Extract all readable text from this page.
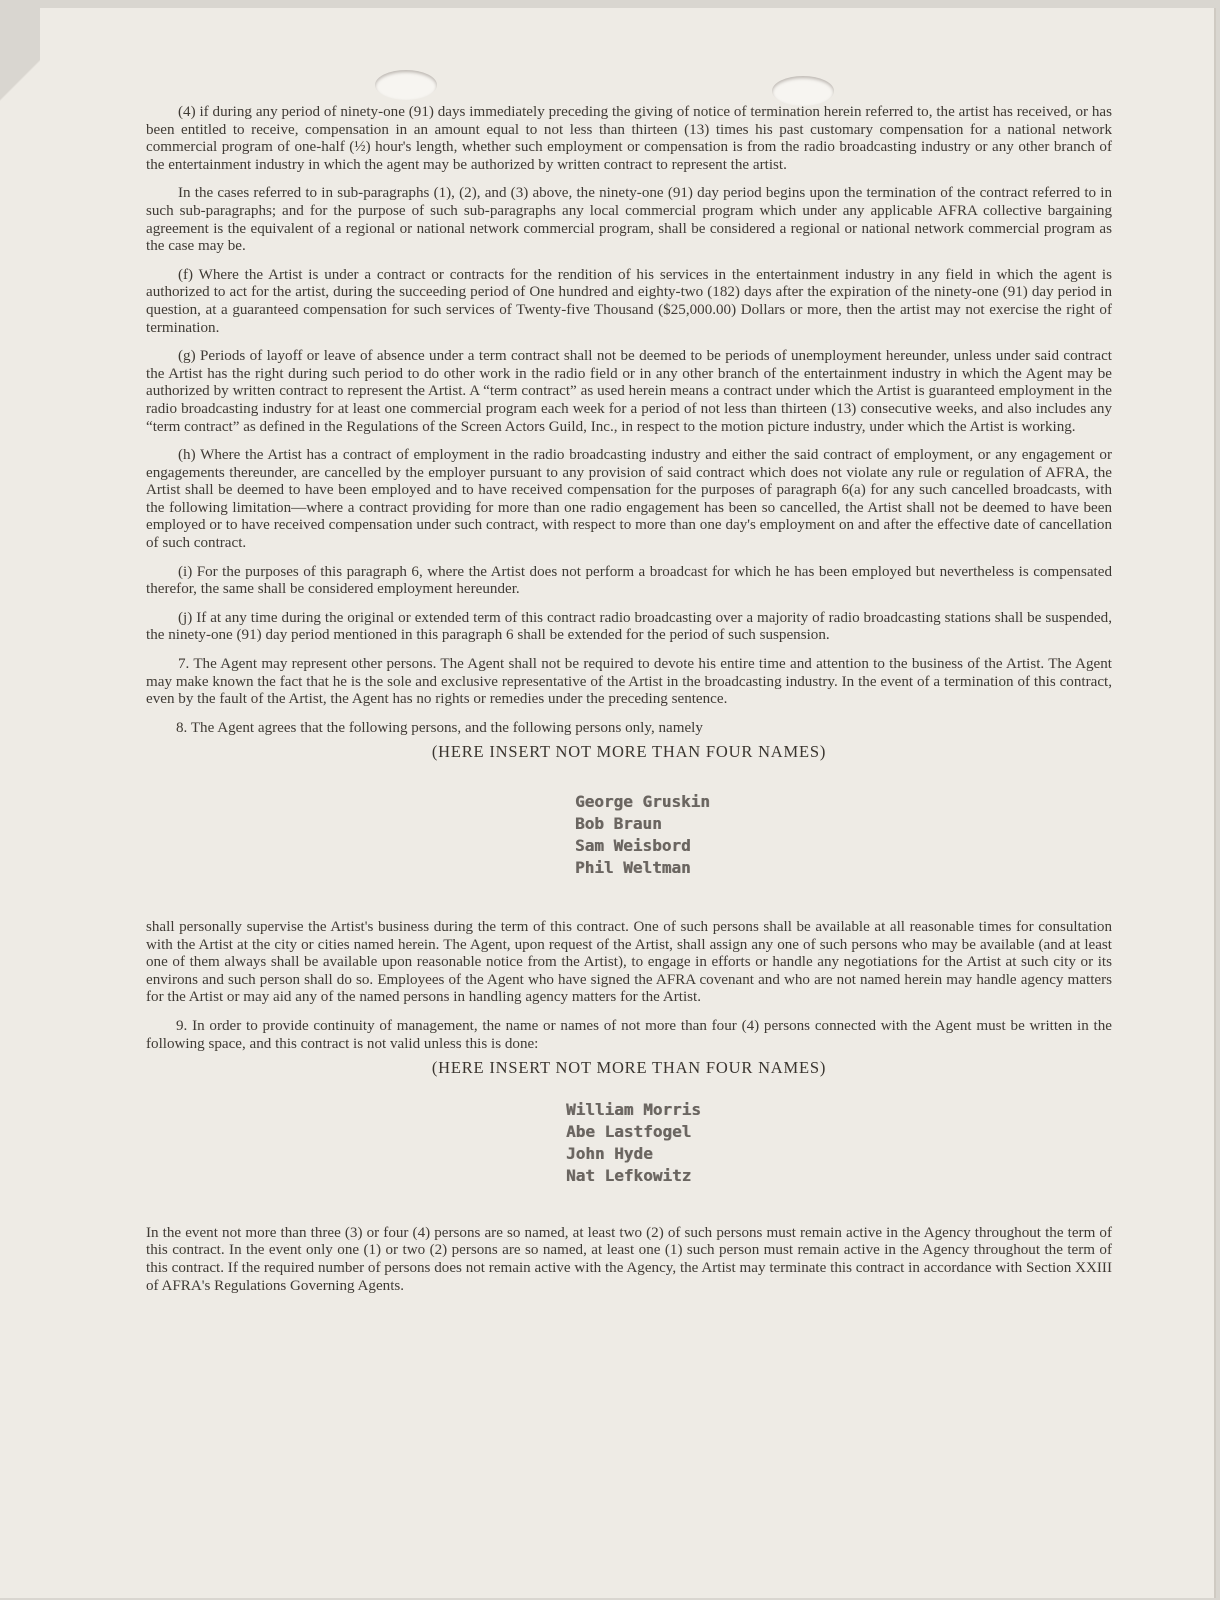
(4) if during any period of ninety-one (91) days immediately preceding the giving of notice of termination herein referred to, the artist has received, or has been entitled to receive, compensation in an amount equal to not less than thirteen (13) times his past customary compensation for a national network commercial program of one-half (½) hour's length, whether such employment or compensation is from the radio broadcasting industry or any other branch of the entertainment industry in which the agent may be authorized by written contract to represent the artist.

In the cases referred to in sub-paragraphs (1), (2), and (3) above, the ninety-one (91) day period begins upon the termination of the contract referred to in such sub-paragraphs; and for the purpose of such sub-paragraphs any local commercial program which under any applicable AFRA collective bargaining agreement is the equivalent of a regional or national network commercial program, shall be considered a regional or national network commercial program as the case may be.

(f) Where the Artist is under a contract or contracts for the rendition of his services in the entertainment industry in any field in which the agent is authorized to act for the artist, during the succeeding period of One hundred and eighty-two (182) days after the expiration of the ninety-one (91) day period in question, at a guaranteed compensation for such services of Twenty-five Thousand ($25,000.00) Dollars or more, then the artist may not exercise the right of termination.

(g) Periods of layoff or leave of absence under a term contract shall not be deemed to be periods of unemployment hereunder, unless under said contract the Artist has the right during such period to do other work in the radio field or in any other branch of the entertainment industry in which the Agent may be authorized by written contract to represent the Artist. A “term contract” as used herein means a contract under which the Artist is guaranteed employment in the radio broadcasting industry for at least one commercial program each week for a period of not less than thirteen (13) consecutive weeks, and also includes any “term contract” as defined in the Regulations of the Screen Actors Guild, Inc., in respect to the motion picture industry, under which the Artist is working.

(h) Where the Artist has a contract of employment in the radio broadcasting industry and either the said contract of employment, or any engagement or engagements thereunder, are cancelled by the employer pursuant to any provision of said contract which does not violate any rule or regulation of AFRA, the Artist shall be deemed to have been employed and to have received compensation for the purposes of paragraph 6(a) for any such cancelled broadcasts, with the following limitation—where a contract providing for more than one radio engagement has been so cancelled, the Artist shall not be deemed to have been employed or to have received compensation under such contract, with respect to more than one day's employment on and after the effective date of cancellation of such contract.

(i) For the purposes of this paragraph 6, where the Artist does not perform a broadcast for which he has been employed but nevertheless is compensated therefor, the same shall be considered employment hereunder.

(j) If at any time during the original or extended term of this contract radio broadcasting over a majority of radio broadcasting stations shall be suspended, the ninety-one (91) day period mentioned in this paragraph 6 shall be extended for the period of such suspension.

7. The Agent may represent other persons. The Agent shall not be required to devote his entire time and attention to the business of the Artist. The Agent may make known the fact that he is the sole and exclusive representative of the Artist in the broadcasting industry. In the event of a termination of this contract, even by the fault of the Artist, the Agent has no rights or remedies under the preceding sentence.

8. The Agent agrees that the following persons, and the following persons only, namely

(HERE INSERT NOT MORE THAN FOUR NAMES)
George Gruskin
Bob Braun
Sam Weisbord
Phil Weltman

shall personally supervise the Artist's business during the term of this contract. One of such persons shall be available at all reasonable times for consultation with the Artist at the city or cities named herein. The Agent, upon request of the Artist, shall assign any one of such persons who may be available (and at least one of them always shall be available upon reasonable notice from the Artist), to engage in efforts or handle any negotiations for the Artist at such city or its environs and such person shall do so. Employees of the Agent who have signed the AFRA covenant and who are not named herein may handle agency matters for the Artist or may aid any of the named persons in handling agency matters for the Artist.

9. In order to provide continuity of management, the name or names of not more than four (4) persons connected with the Agent must be written in the following space, and this contract is not valid unless this is done:

(HERE INSERT NOT MORE THAN FOUR NAMES)
William Morris
Abe Lastfogel
John Hyde
Nat Lefkowitz

In the event not more than three (3) or four (4) persons are so named, at least two (2) of such persons must remain active in the Agency throughout the term of this contract. In the event only one (1) or two (2) persons are so named, at least one (1) such person must remain active in the Agency throughout the term of this contract. If the required number of persons does not remain active with the Agency, the Artist may terminate this contract in accordance with Section XXIII of AFRA's Regulations Governing Agents.
